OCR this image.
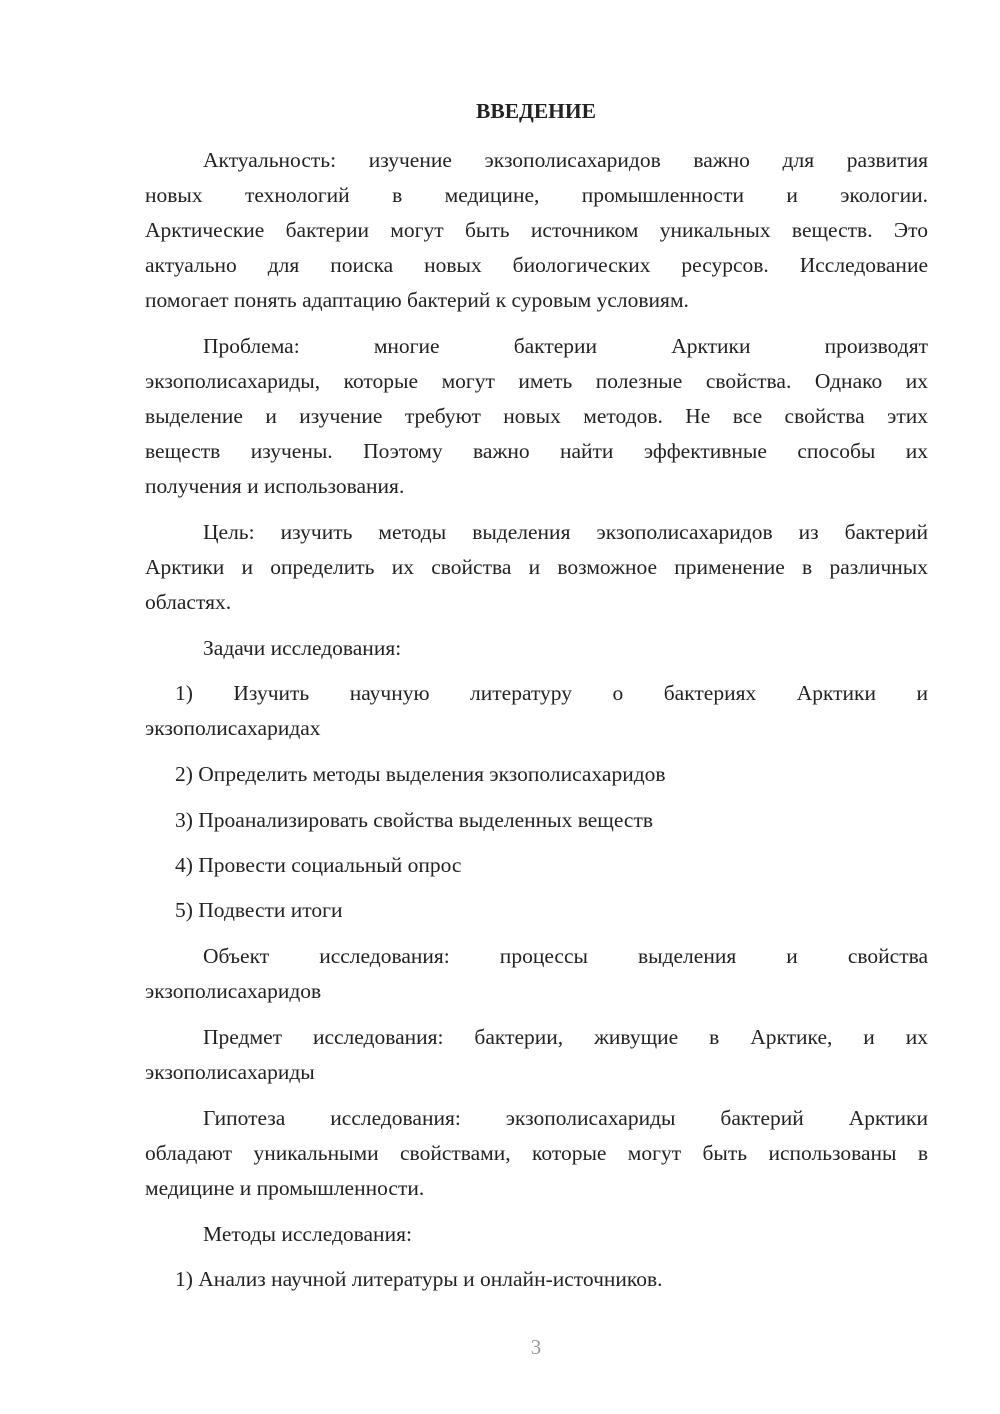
ВВЕДЕНИЕ
Актуальность: изучение экзополисахаридов важно для развития
новых технологий в медицине, промышленности и экологии.
Арктические бактерии могут быть источником уникальных веществ. Это
актуально для поиска новых биологических ресурсов. Исследование
помогает понять адаптацию бактерий к суровым условиям.
Проблема: многие бактерии Арктики производят
экзополисахариды, которые могут иметь полезные свойства. Однако их
выделение и изучение требуют новых методов. Не все свойства этих
веществ изучены. Поэтому важно найти эффективные способы их
получения и использования.
Цель: изучить методы выделения экзополисахаридов из бактерий
Арктики и определить их свойства и возможное применение в различных
областях.
Задачи исследования:
1) Изучить научную литературу о бактериях Арктики и
экзополисахаридах
2) Определить методы выделения экзополисахаридов
3) Проанализировать свойства выделенных веществ
4) Провести социальный опрос
5) Подвести итоги
Объект исследования: процессы выделения и свойства
экзополисахаридов
Предмет исследования: бактерии, живущие в Арктике, и их
экзополисахариды
Гипотеза исследования: экзополисахариды бактерий Арктики
обладают уникальными свойствами, которые могут быть использованы в
медицине и промышленности.
Методы исследования:
1) Анализ научной литературы и онлайн-источников.
3
